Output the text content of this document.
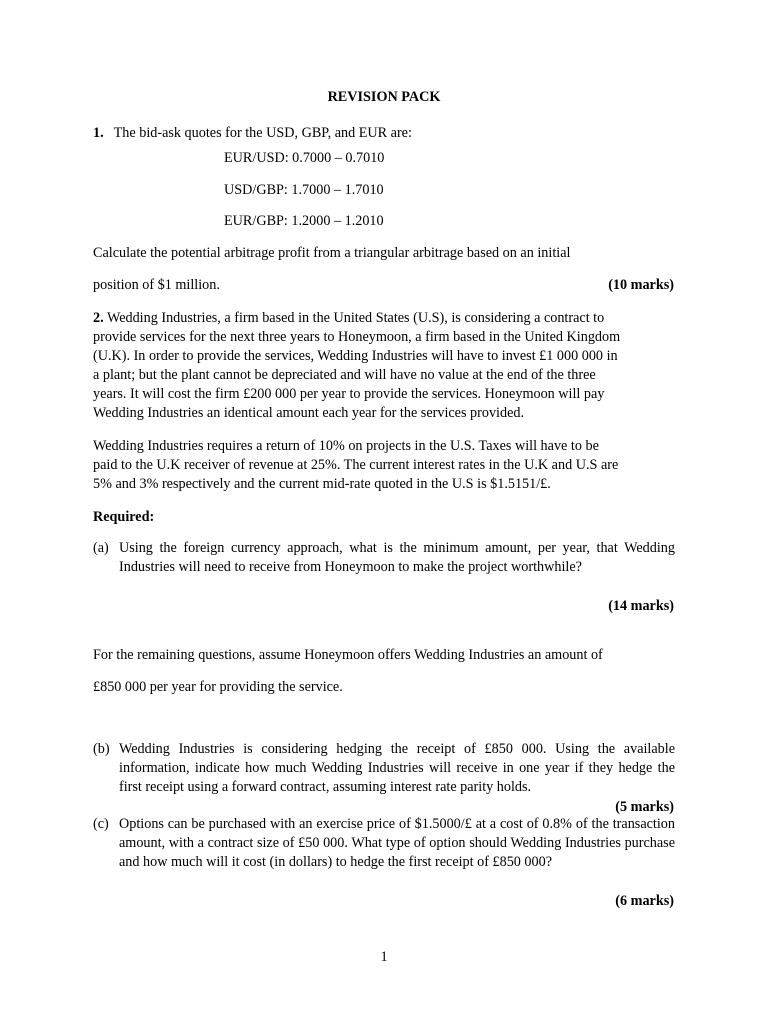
REVISION PACK
1. The bid-ask quotes for the USD, GBP, and EUR are:
EUR/USD: 0.7000 – 0.7010
USD/GBP: 1.7000 – 1.7010
EUR/GBP: 1.2000 – 1.2010
Calculate the potential arbitrage profit from a triangular arbitrage based on an initial
position of $1 million.	(10 marks)

2. Wedding Industries, a firm based in the United States (U.S), is considering a contract to

provide services for the next three years to Honeymoon, a firm based in the United Kingdom

(U.K). In order to provide the services, Wedding Industries will have to invest £1 000 000 in

a plant; but the plant cannot be depreciated and will have no value at the end of the three

years. It will cost the firm £200 000 per year to provide the services. Honeymoon will pay

Wedding Industries an identical amount each year for the services provided.

Wedding Industries requires a return of 10% on projects in the U.S. Taxes will have to be

paid to the U.K receiver of revenue at 25%. The current interest rates in the U.K and U.S are

5% and 3% respectively and the current mid-rate quoted in the U.S is $1.5151/£.

Required:
(a) Using the foreign currency approach, what is the minimum amount, per year, that Wedding Industries will need to receive from Honeymoon to make the project worthwhile?
(14 marks)
For the remaining questions, assume Honeymoon offers Wedding Industries an amount of
£850 000 per year for providing the service.
(b) Wedding Industries is considering hedging the receipt of £850 000. Using the available information, indicate how much Wedding Industries will receive in one year if they hedge the first receipt using a forward contract, assuming interest rate parity holds.
(5 marks)
(c) Options can be purchased with an exercise price of $1.5000/£ at a cost of 0.8% of the transaction amount, with a contract size of £50 000. What type of option should Wedding Industries purchase and how much will it cost (in dollars) to hedge the first receipt of £850 000?
(6 marks)
1
